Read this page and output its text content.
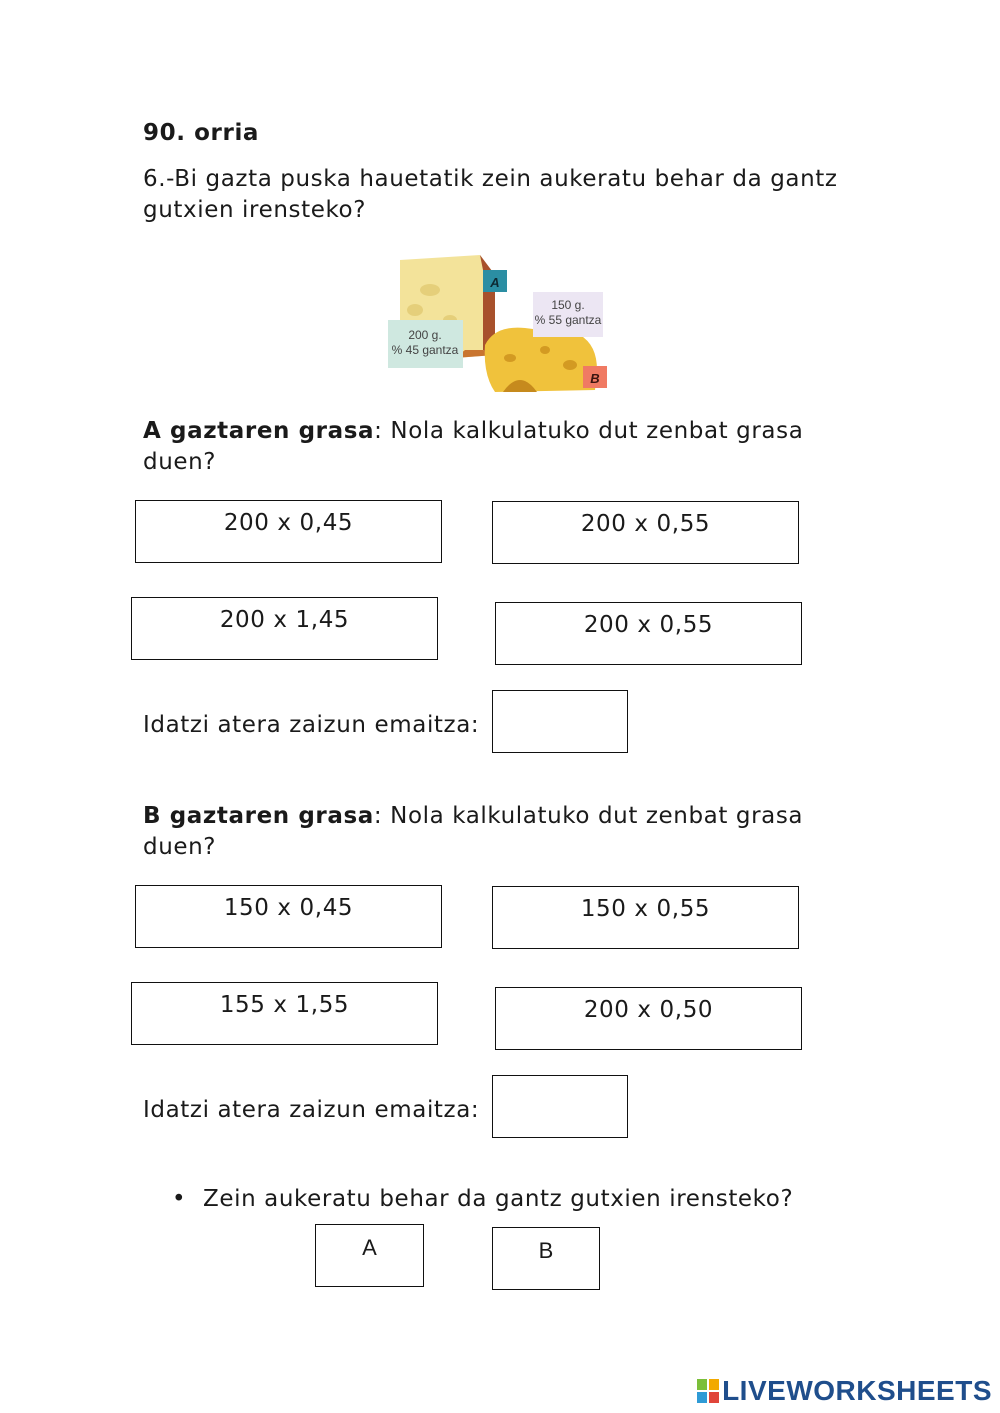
90. orria
6.-Bi gazta puska hauetatik zein aukeratu behar da gantz gutxien irensteko?
A
200 g.
% 45 gantza
150 g.
% 55 gantza
B
A gaztaren grasa: Nola kalkulatuko dut zenbat grasa duen?
200 x 0,45	200 x 0,55
200 x 1,45	200 x 0,55
Idatzi atera zaizun emaitza:
B gaztaren grasa: Nola kalkulatuko dut zenbat grasa duen?
150 x 0,45	150 x 0,55
155 x 1,55	200 x 0,50
Idatzi atera zaizun emaitza:
• Zein aukeratu behar da gantz gutxien irensteko?
A	B
LIVEWORKSHEETS
